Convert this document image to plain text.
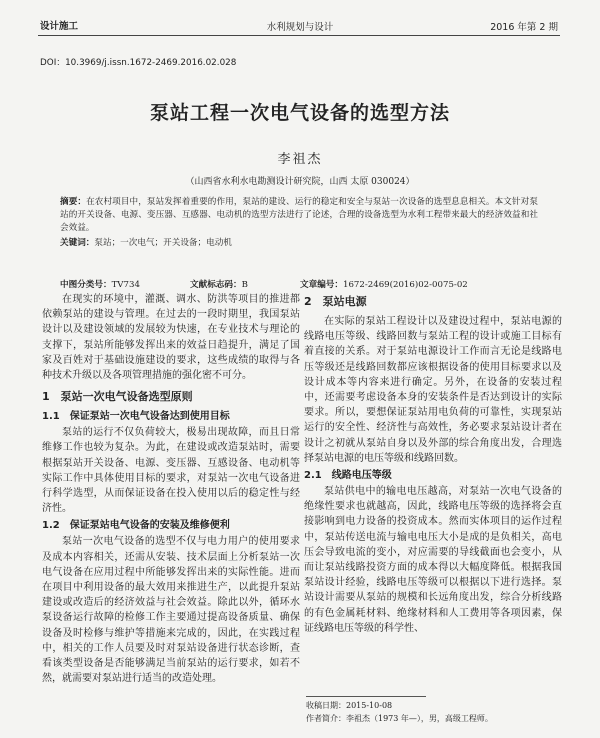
设计施工	水利规划与设计	2016 年第 2 期
DOI：10.3969/j.issn.1672-2469.2016.02.028
泵站工程一次电气设备的选型方法
李祖杰
（山西省水利水电勘测设计研究院，山西 太原 030024）
摘要：在农村项目中，泵站发挥着重要的作用，泵站的建设、运行的稳定和安全与泵站一次设备的选型息息相关。本文针对泵站的开关设备、电源、变压器、互感器、电动机的选型方法进行了论述，合理的设备选型为水利工程带来最大的经济效益和社会效益。
关键词：泵站；一次电气；开关设备；电动机
中图分类号：TV734	文献标志码：B	文章编号：1672-2469(2016)02-0075-02

在现实的环境中，灌溉、调水、防洪等项目的推进都依赖泵站的建设与管理。在过去的一段时期里，我国泵站设计以及建设领域的发展较为快速，在专业技术与理论的支撑下，泵站所能够发挥出来的效益日趋提升，满足了国家及百姓对于基础设施建设的要求，这些成绩的取得与各种技术升级以及各项管理措施的强化密不可分。

1　泵站一次电气设备选型原则
1.1　保证泵站一次电气设备达到使用目标

泵站的运行不仅负荷较大，极易出现故障，而且日常维修工作也较为复杂。为此，在建设或改造泵站时，需要根据泵站开关设备、电源、变压器、互感设备、电动机等实际工作中具体使用目标的要求，对泵站一次电气设备进行科学选型，从而保证设备在投入使用以后的稳定性与经济性。

1.2　保证泵站电气设备的安装及维修便利

泵站一次电气设备的选型不仅与电力用户的使用要求及成本内容相关，还需从安装、技术层面上分析泵站一次电气设备在应用过程中所能够发挥出来的实际性能。进而在项目中利用设备的最大效用来推进生产，以此提升泵站建设或改造后的经济效益与社会效益。除此以外，循环水泵设备运行故障的检修工作主要通过提高设备质量、确保设备及时检修与维护等措施来完成的，因此，在实践过程中，相关的工作人员要及时对泵站设备进行状态诊断，查看该类型设备是否能够满足当前泵站的运行要求，如若不然，就需要对泵站进行适当的改造处理。

2　泵站电源

在实际的泵站工程设计以及建设过程中，泵站电源的线路电压等级、线路回数与泵站工程的设计或施工目标有着直接的关系。对于泵站电源设计工作而言无论是线路电压等级还是线路回数都应该根据设备的使用目标要求以及设计成本等内容来进行确定。另外，在设备的安装过程中，还需要考虑设备本身的安装条件是否达到设计的实际要求。所以，要想保证泵站用电负荷的可靠性，实现泵站运行的安全性、经济性与高效性，务必要求泵站设计者在设计之初就从泵站自身以及外部的综合角度出发，合理选择泵站电源的电压等级和线路回数。

2.1　线路电压等级

泵站供电中的输电电压越高，对泵站一次电气设备的绝缘性要求也就越高，因此，线路电压等级的选择将会直接影响到电力设备的投资成本。然而实体项目的运作过程中，泵站传送电流与输电电压大小是成的是负相关，高电压会导致电流的变小，对应需要的导线截面也会变小，从而让泵站线路投资方面的成本得以大幅度降低。根据我国泵站设计经验，线路电压等级可以根据以下进行选择。泵站设计需要从泵站的规模和长远角度出发，综合分析线路的有色金属耗材料、绝缘材料和人工费用等各项因素，保证线路电压等级的科学性、

收稿日期：2015-10-08
作者简介：李祖杰（1973 年—），男，高级工程师。
